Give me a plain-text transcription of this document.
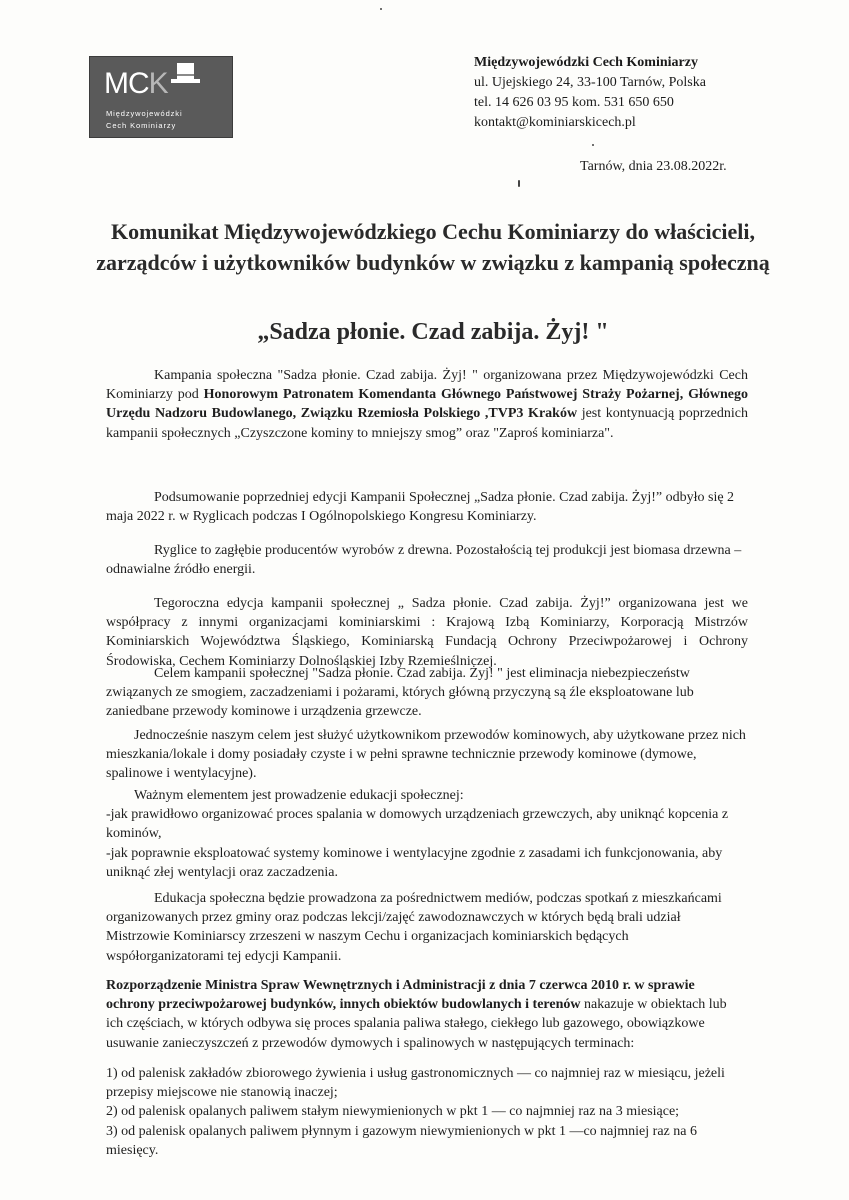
MCK
Międzywojewódzki
Cech Kominiarzy
Międzywojewódzki Cech Kominiarzy
ul. Ujejskiego 24, 33-100 Tarnów, Polska
tel. 14 626 03 95 kom. 531 650 650
kontakt@kominiarskicech.pl
Tarnów, dnia 23.08.2022r.
Komunikat Międzywojewódzkiego Cechu Kominiarzy do właścicieli, zarządców i użytkowników budynków w związku z kampanią społeczną
„Sadza płonie. Czad zabija. Żyj! "

Kampania społeczna "Sadza płonie. Czad zabija. Żyj! " organizowana przez Międzywojewódzki Cech Kominiarzy pod Honorowym Patronatem Komendanta Głównego Państwowej Straży Pożarnej, Głównego Urzędu Nadzoru Budowlanego, Związku Rzemiosła Polskiego ,TVP3 Kraków jest kontynuacją poprzednich kampanii społecznych „Czyszczone kominy to mniejszy smog” oraz "Zaproś kominiarza".

Podsumowanie poprzedniej edycji Kampanii Społecznej „Sadza płonie. Czad zabija. Żyj!” odbyło się 2 maja 2022 r. w Ryglicach podczas I Ogólnopolskiego Kongresu Kominiarzy.

Ryglice to zagłębie producentów wyrobów z drewna. Pozostałością tej produkcji jest biomasa drzewna – odnawialne źródło energii.

Tegoroczna edycja kampanii społecznej „ Sadza płonie. Czad zabija. Żyj!” organizowana jest we współpracy z innymi organizacjami kominiarskimi : Krajową Izbą Kominiarzy, Korporacją Mistrzów Kominiarskich Województwa Śląskiego, Kominiarską Fundacją Ochrony Przeciwpożarowej i Ochrony Środowiska, Cechem Kominiarzy Dolnośląskiej Izby Rzemieślniczej.

Celem kampanii społecznej "Sadza płonie. Czad zabija. Żyj! " jest eliminacja niebezpieczeństw związanych ze smogiem, zaczadzeniami i pożarami, których główną przyczyną są źle eksploatowane lub zaniedbane przewody kominowe i urządzenia grzewcze.

Jednocześnie naszym celem jest służyć użytkownikom przewodów kominowych, aby użytkowane przez nich mieszkania/lokale i domy posiadały czyste i w pełni sprawne technicznie przewody kominowe (dymowe, spalinowe i wentylacyjne).

Ważnym elementem jest prowadzenie edukacji społecznej:
-jak prawidłowo organizować proces spalania w domowych urządzeniach grzewczych, aby uniknąć kopcenia z kominów,
-jak poprawnie eksploatować systemy kominowe i wentylacyjne zgodnie z zasadami ich funkcjonowania, aby uniknąć złej wentylacji oraz zaczadzenia.

Edukacja społeczna będzie prowadzona za pośrednictwem mediów, podczas spotkań z mieszkańcami organizowanych przez gminy oraz podczas lekcji/zajęć zawodoznawczych w których będą brali udział Mistrzowie Kominiarscy zrzeszeni w naszym Cechu i organizacjach kominiarskich będących współorganizatorami tej edycji Kampanii.

Rozporządzenie Ministra Spraw Wewnętrznych i Administracji z dnia 7 czerwca 2010 r. w sprawie ochrony przeciwpożarowej budynków, innych obiektów budowlanych i terenów nakazuje w obiektach lub ich częściach, w których odbywa się proces spalania paliwa stałego, ciekłego lub gazowego, obowiązkowe usuwanie zanieczyszczeń z przewodów dymowych i spalinowych w następujących terminach:

1) od palenisk zakładów zbiorowego żywienia i usług gastronomicznych — co najmniej raz w miesiącu, jeżeli przepisy miejscowe nie stanowią inaczej;
2) od palenisk opalanych paliwem stałym niewymienionych w pkt 1 — co najmniej raz na 3 miesiące;
3) od palenisk opalanych paliwem płynnym i gazowym niewymienionych w pkt 1 —co najmniej raz na 6 miesięcy.
